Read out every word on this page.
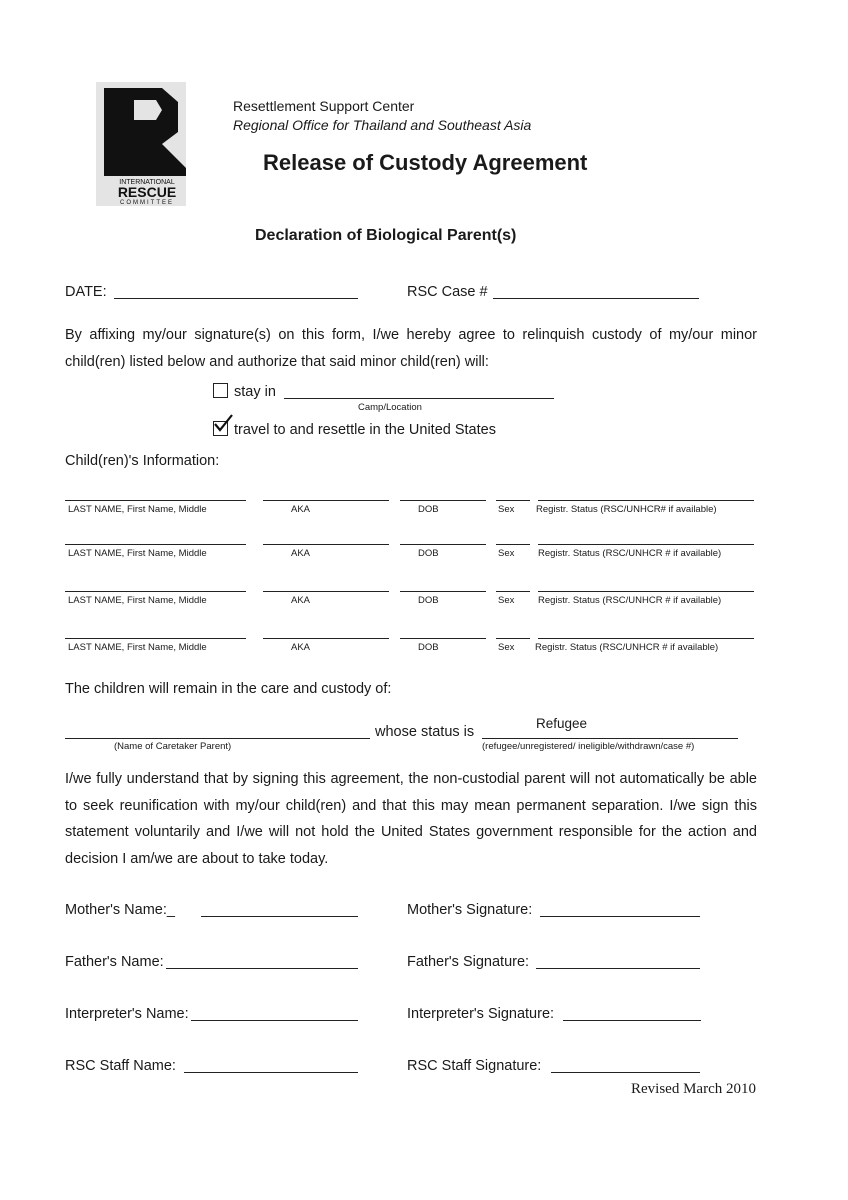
INTERNATIONAL
RESCUE
COMMITTEE
Resettlement Support Center
Regional Office for Thailand and Southeast Asia
Release of Custody Agreement
Declaration of Biological Parent(s)
DATE:	RSC Case #
By affixing my/our signature(s) on this form, I/we hereby agree to relinquish custody of my/our minor child(ren) listed below and authorize that said minor child(ren) will:
stay in
Camp/Location
travel to and resettle in the United States
Child(ren)'s Information:
LAST NAME, First Name, Middle	AKA	DOB	Sex Registr. Status (RSC/UNHCR# if available)
LAST NAME, First Name, Middle	AKA	DOB	Sex Registr. Status (RSC/UNHCR # if available)
LAST NAME, First Name, Middle	AKA	DOB	Sex Registr. Status (RSC/UNHCR # if available)
LAST NAME, First Name, Middle	AKA	DOB	Sex Registr. Status (RSC/UNHCR # if available)
The children will remain in the care and custody of:
(Name of Caretaker Parent)
whose status is
Refugee
(refugee/unregistered/ ineligible/withdrawn/case #)
I/we fully understand that by signing this agreement, the non-custodial parent will not automatically be able to seek reunification with my/our child(ren) and that this may mean permanent separation. I/we sign this statement voluntarily and I/we will not hold the United States government responsible for the action and decision I am/we are about to take today.
Mother's Name:_	Mother's Signature:
Father's Name:	Father's Signature:
Interpreter's Name:	Interpreter's Signature:
RSC Staff Name:	RSC Staff Signature:
Revised March 2010
